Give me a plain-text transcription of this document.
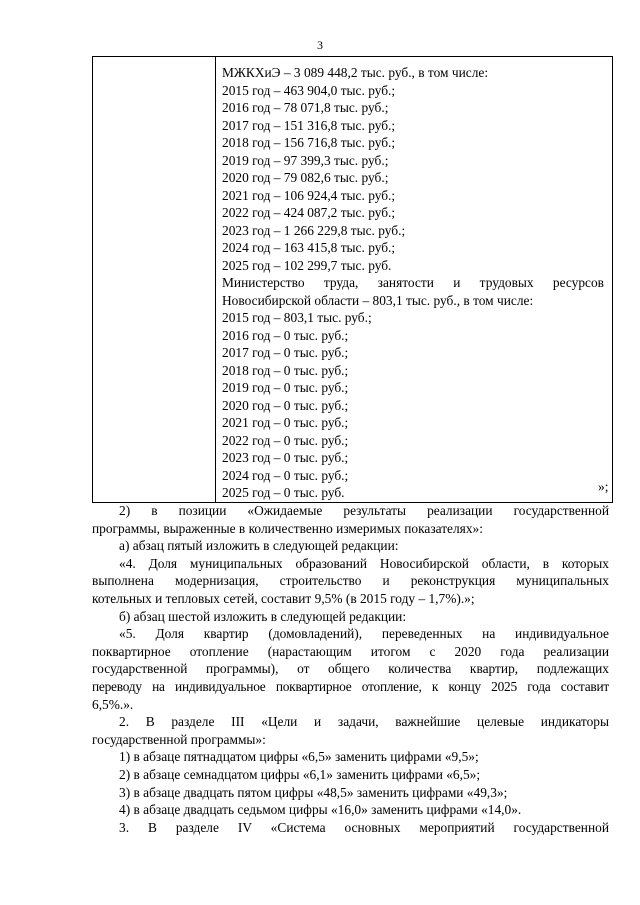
3

МЖКХиЭ – 3 089 448,2 тыс. руб., в том числе:
2015 год – 463 904,0 тыс. руб.;
2016 год – 78 071,8 тыс. руб.;
2017 год – 151 316,8 тыс. руб.;
2018 год – 156 716,8 тыс. руб.;
2019 год – 97 399,3 тыс. руб.;
2020 год – 79 082,6 тыс. руб.;
2021 год – 106 924,4 тыс. руб.;
2022 год – 424 087,2 тыс. руб.;
2023 год – 1 266 229,8 тыс. руб.;
2024 год – 163 415,8 тыс. руб.;
2025 год – 102 299,7 тыс. руб.
Министерство труда, занятости и трудовых ресурсов
Новосибирской области – 803,1 тыс. руб., в том числе:
2015 год – 803,1 тыс. руб.;
2016 год – 0 тыс. руб.;
2017 год – 0 тыс. руб.;
2018 год – 0 тыс. руб.;
2019 год – 0 тыс. руб.;
2020 год – 0 тыс. руб.;
2021 год – 0 тыс. руб.;
2022 год – 0 тыс. руб.;
2023 год – 0 тыс. руб.;
2024 год – 0 тыс. руб.;
2025 год – 0 тыс. руб.	»;
2) в позиции «Ожидаемые результаты реализации государственной
программы, выраженные в количественно измеримых показателях»:
а) абзац пятый изложить в следующей редакции:
«4. Доля муниципальных образований Новосибирской области, в которых
выполнена модернизация, строительство и реконструкция муниципальных
котельных и тепловых сетей, составит 9,5% (в 2015 году – 1,7%).»;
б) абзац шестой изложить в следующей редакции:
«5. Доля квартир (домовладений), переведенных на индивидуальное
поквартирное отопление (нарастающим итогом с 2020 года реализации
государственной программы), от общего количества квартир, подлежащих
переводу на индивидуальное поквартирное отопление, к концу 2025 года составит
6,5%.».
2. В разделе III «Цели и задачи, важнейшие целевые индикаторы
государственной программы»:
1) в абзаце пятнадцатом цифры «6,5» заменить цифрами «9,5»;
2) в абзаце семнадцатом цифры «6,1» заменить цифрами «6,5»;
3) в абзаце двадцать пятом цифры «48,5» заменить цифрами «49,3»;
4) в абзаце двадцать седьмом цифры «16,0» заменить цифрами «14,0».
3. В разделе IV «Система основных мероприятий государственной
